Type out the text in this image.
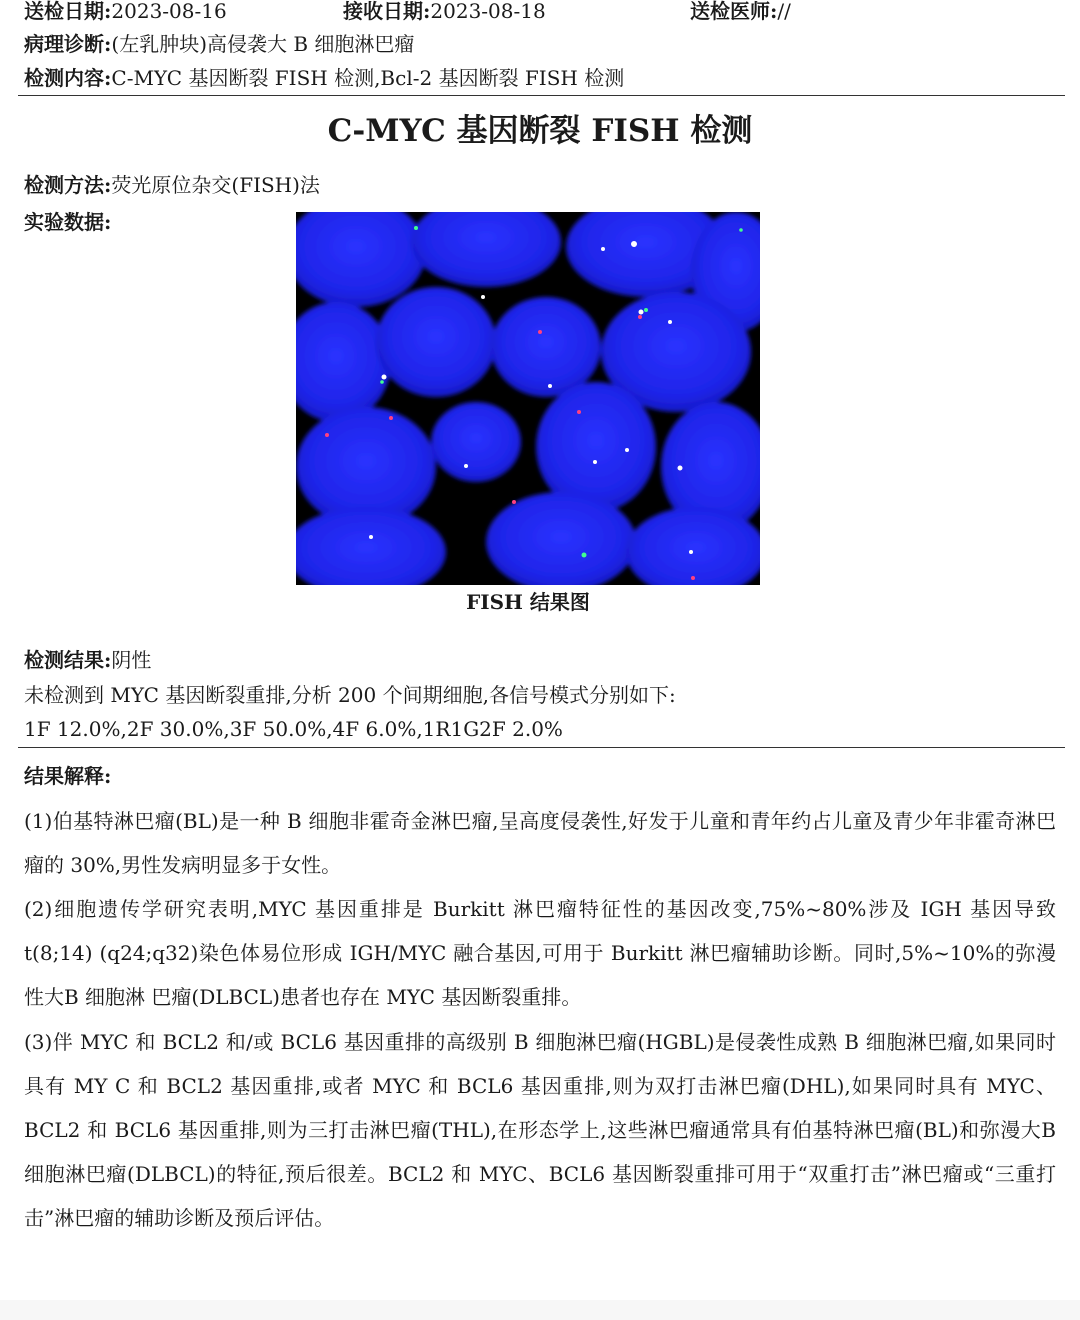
送检日期:2023-08-16	接收日期:2023-08-18	送检医师://
病理诊断:(左乳肿块)高侵袭大 B 细胞淋巴瘤
检测内容:C-MYC 基因断裂 FISH 检测,Bcl-2 基因断裂 FISH 检测
C-MYC 基因断裂 FISH 检测
检测方法:荧光原位杂交(FISH)法
实验数据:
FISH 结果图
检测结果:阴性
未检测到 MYC 基因断裂重排,分析 200 个间期细胞,各信号模式分别如下:
1F 12.0%,2F 30.0%,3F 50.0%,4F 6.0%,1R1G2F 2.0%
结果解释:
(1)伯基特淋巴瘤(BL)是一种 B 细胞非霍奇金淋巴瘤,呈高度侵袭性,好发于儿童和青年约占儿童及青少年非霍奇淋巴瘤的 30%,男性发病明显多于女性。
(2)细胞遗传学研究表明,MYC 基因重排是 Burkitt 淋巴瘤特征性的基因改变,75%~80%涉及 IGH 基因导致 t(8;14) (q24;q32)染色体易位形成 IGH/MYC 融合基因,可用于 Burkitt 淋巴瘤辅助诊断。同时,5%~10%的弥漫性大B 细胞淋 巴瘤(DLBCL)患者也存在 MYC 基因断裂重排。
(3)伴 MYC 和 BCL2 和/或 BCL6 基因重排的高级别 B 细胞淋巴瘤(HGBL)是侵袭性成熟 B 细胞淋巴瘤,如果同时具有 MY C 和 BCL2 基因重排,或者 MYC 和 BCL6 基因重排,则为双打击淋巴瘤(DHL),如果同时具有 MYC、BCL2 和 BCL6 基因重排,则为三打击淋巴瘤(THL),在形态学上,这些淋巴瘤通常具有伯基特淋巴瘤(BL)和弥漫大B 细胞淋巴瘤(DLBCL)的特征,预后很差。BCL2 和 MYC、BCL6 基因断裂重排可用于“双重打击”淋巴瘤或“三重打击”淋巴瘤的辅助诊断及预后评估。
